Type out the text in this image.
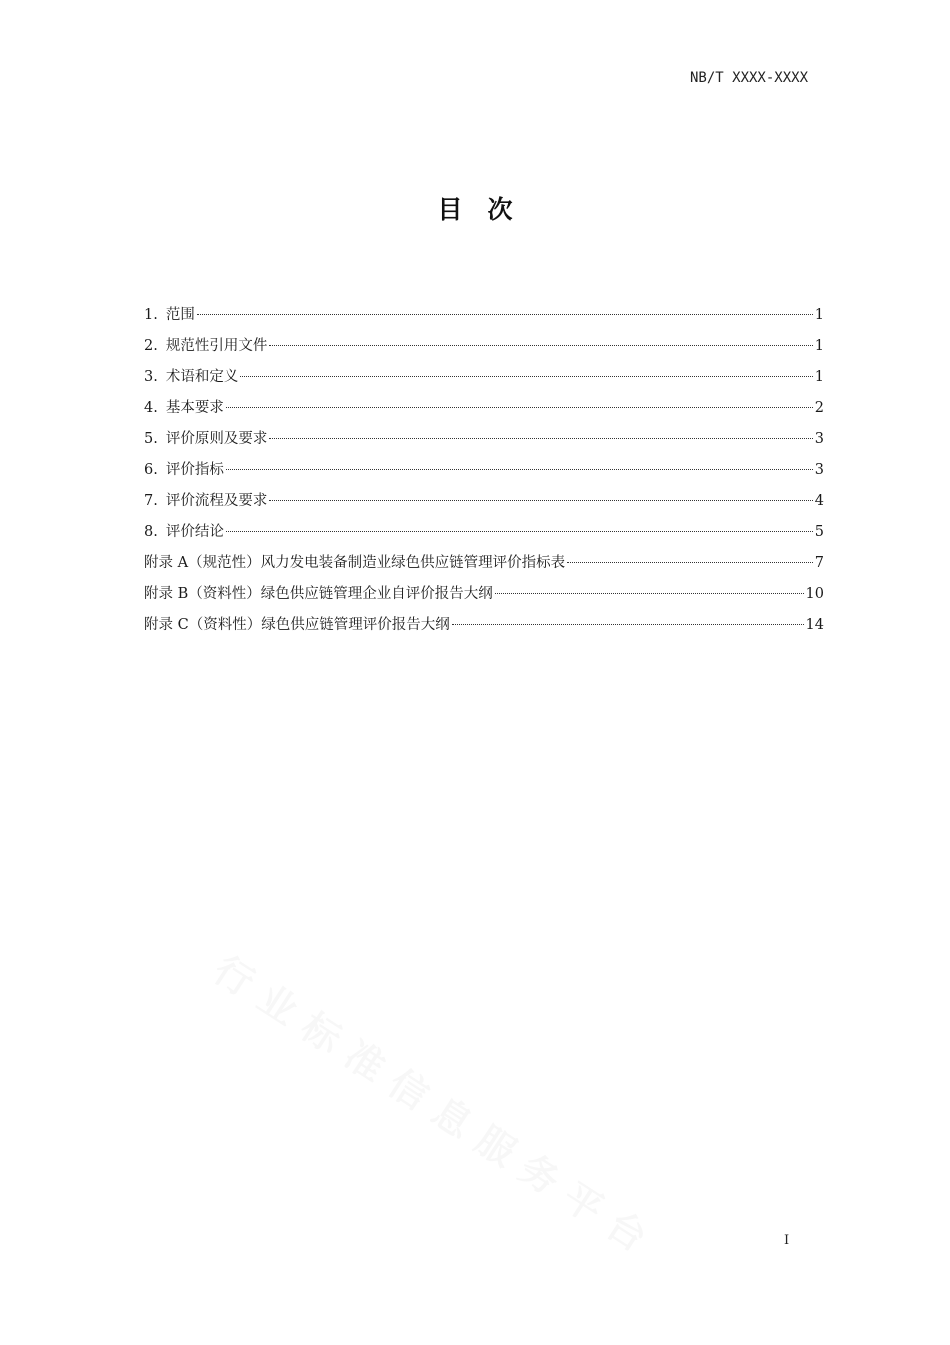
NB/T XXXX-XXXX
目　次
1. 范围	1
2. 规范性引用文件	1
3. 术语和定义	1
4. 基本要求	2
5. 评价原则及要求	3
6. 评价指标	3
7. 评价流程及要求	4
8. 评价结论	5
附录 A（规范性）风力发电装备制造业绿色供应链管理评价指标表	7
附录 B（资料性）绿色供应链管理企业自评价报告大纲	10
附录 C（资料性）绿色供应链管理评价报告大纲	14
行业标准信息服务平台	I
